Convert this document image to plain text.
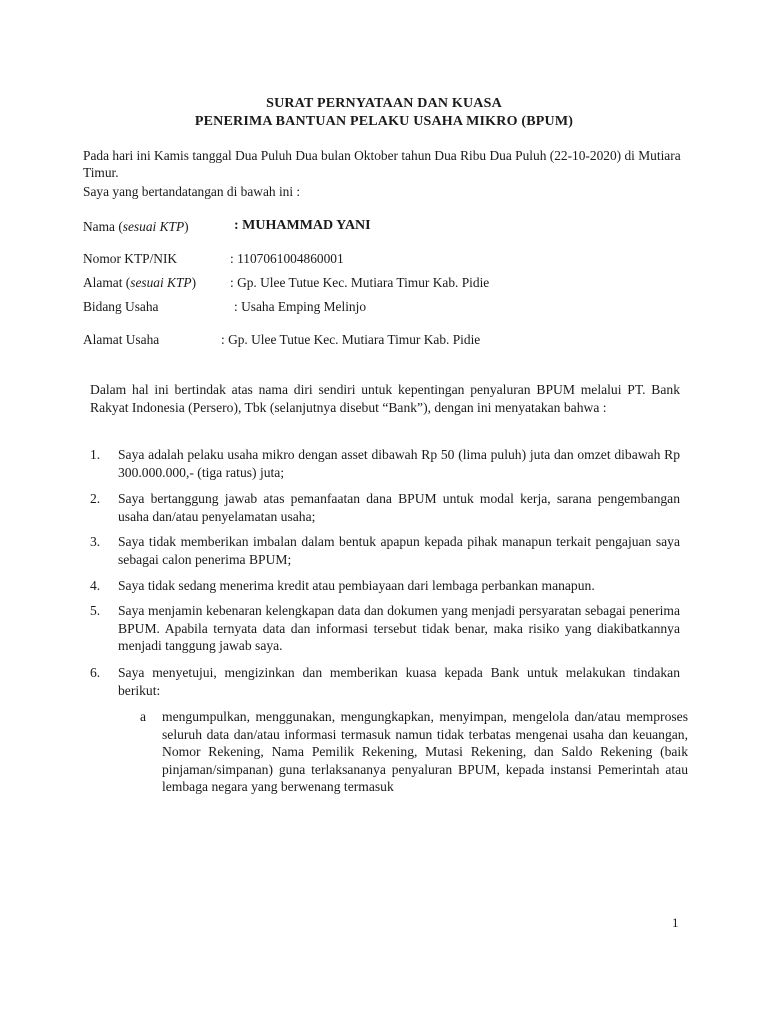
SURAT PERNYATAAN DAN KUASA
PENERIMA BANTUAN PELAKU USAHA MIKRO (BPUM)
Pada hari ini Kamis tanggal Dua Puluh Dua bulan Oktober tahun Dua Ribu Dua Puluh (22-10-2020) di Mutiara Timur.
Saya yang bertandatangan di bawah ini :
Nama (sesuai KTP)	: MUHAMMAD YANI
Nomor KTP/NIK	: 1107061004860001
Alamat (sesuai KTP)	: Gp. Ulee Tutue Kec. Mutiara Timur Kab. Pidie
Bidang Usaha	: Usaha Emping Melinjo
Alamat Usaha	: Gp. Ulee Tutue Kec. Mutiara Timur Kab. Pidie
Dalam hal ini bertindak atas nama diri sendiri untuk kepentingan penyaluran BPUM melalui PT. Bank Rakyat Indonesia (Persero), Tbk (selanjutnya disebut “Bank”), dengan ini menyatakan bahwa :
1. Saya adalah pelaku usaha mikro dengan asset dibawah Rp 50 (lima puluh) juta dan omzet dibawah Rp 300.000.000,- (tiga ratus) juta;
2. Saya bertanggung jawab atas pemanfaatan dana BPUM untuk modal kerja, sarana pengembangan usaha dan/atau penyelamatan usaha;
3. Saya tidak memberikan imbalan dalam bentuk apapun kepada pihak manapun terkait pengajuan saya sebagai calon penerima BPUM;
4. Saya tidak sedang menerima kredit atau pembiayaan dari lembaga perbankan manapun.
5. Saya menjamin kebenaran kelengkapan data dan dokumen yang menjadi persyaratan sebagai penerima BPUM. Apabila ternyata data dan informasi tersebut tidak benar, maka risiko yang diakibatkannya menjadi tanggung jawab saya.
6. Saya menyetujui, mengizinkan dan memberikan kuasa kepada Bank untuk melakukan tindakan berikut:
a mengumpulkan, menggunakan, mengungkapkan, menyimpan, mengelola dan/atau memproses seluruh data dan/atau informasi termasuk namun tidak terbatas mengenai usaha dan keuangan, Nomor Rekening, Nama Pemilik Rekening, Mutasi Rekening, dan Saldo Rekening (baik pinjaman/simpanan) guna terlaksananya penyaluran BPUM, kepada instansi Pemerintah atau lembaga negara yang berwenang termasuk
1
